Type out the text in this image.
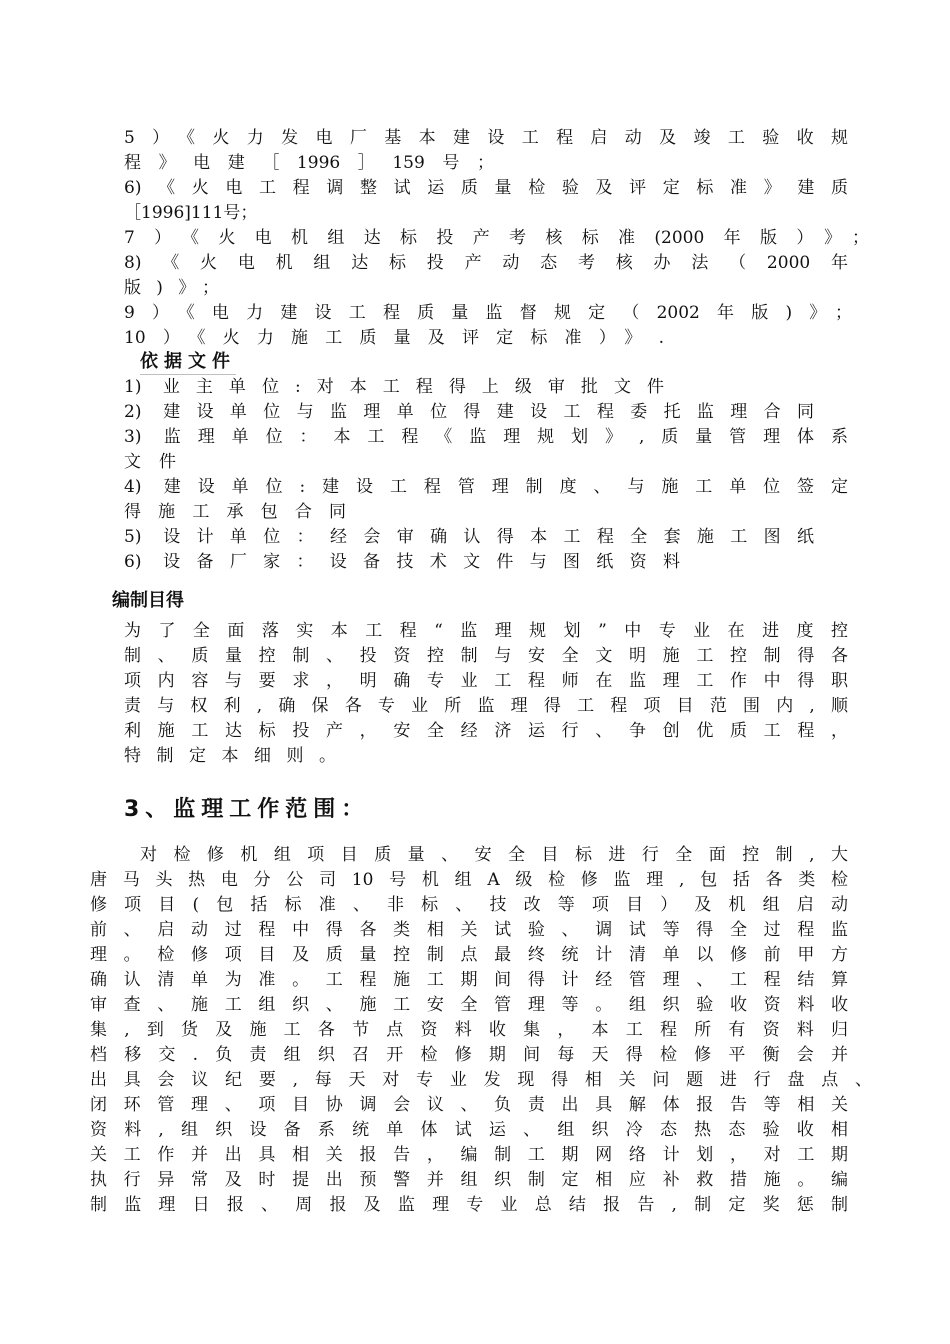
5）《火力发电厂基本建设工程启动及竣工验收规
程》电建［1996］159号；
6)《火电工程调整试运质量检验及评定标准》建质
［1996]111号；
7）《火电机组达标投产考核标准(2000年版）》；
8)《火电机组达标投产动态考核办法（2000年
版)》；
9）《电力建设工程质量监督规定（2002年版)》；
10）《火力施工质量及评定标准）》.
依据文件
1) 业主单位:对本工程得上级审批文件
2) 建设单位与监理单位得建设工程委托监理合同
3) 监理单位：本工程《监理规划》,质量管理体系
文件
4) 建设单位:建设工程管理制度、与施工单位签定
得施工承包合同
5) 设计单位：经会审确认得本工程全套施工图纸
6) 设备厂家：设备技术文件与图纸资料
编制目得
为了全面落实本工程“监理规划”中专业在进度控
制、质量控制、投资控制与安全文明施工控制得各
项内容与要求，明确专业工程师在监理工作中得职
责与权利,确保各专业所监理得工程项目范围内,顺
利施工达标投产，安全经济运行、争创优质工程，
特制定本细则。
3、监理工作范围：
对检修机组项目质量、安全目标进行全面控制,大
唐马头热电分公司10号机组A级检修监理,包括各类检
修项目(包括标准、非标、技改等项目）及机组启动
前、启动过程中得各类相关试验、调试等得全过程监
理。检修项目及质量控制点最终统计清单以修前甲方
确认清单为准。工程施工期间得计经管理、工程结算
审查、施工组织、施工安全管理等。组织验收资料收
集,到货及施工各节点资料收集，本工程所有资料归
档移交.负责组织召开检修期间每天得检修平衡会并
出具会议纪要,每天对专业发现得相关问题进行盘点、
闭环管理、项目协调会议、负责出具解体报告等相关
资料,组织设备系统单体试运、组织冷态热态验收相
关工作并出具相关报告，编制工期网络计划，对工期
执行异常及时提出预警并组织制定相应补救措施。编
制监理日报、周报及监理专业总结报告,制定奖惩制
